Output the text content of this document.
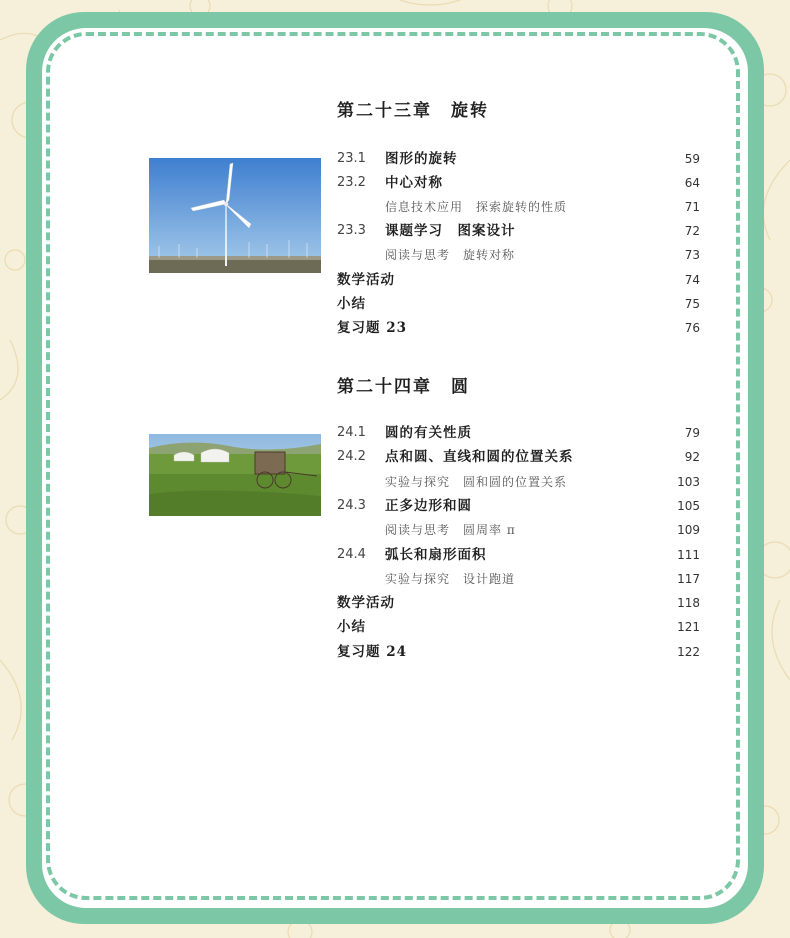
第二十三章　旋转
23.1 图形的旋转	59
23.2 中心对称	64
信息技术应用　探索旋转的性质	71
23.3 课题学习　图案设计	72
阅读与思考　旋转对称	73
数学活动	74
小结	75
复习题 23	76
第二十四章　圆
24.1 圆的有关性质	79
24.2 点和圆、直线和圆的位置关系	92
实验与探究　圆和圆的位置关系	103
24.3 正多边形和圆	105
阅读与思考　圆周率 π	109
24.4 弧长和扇形面积	111
实验与探究　设计跑道	117
数学活动	118
小结	121
复习题 24	122
